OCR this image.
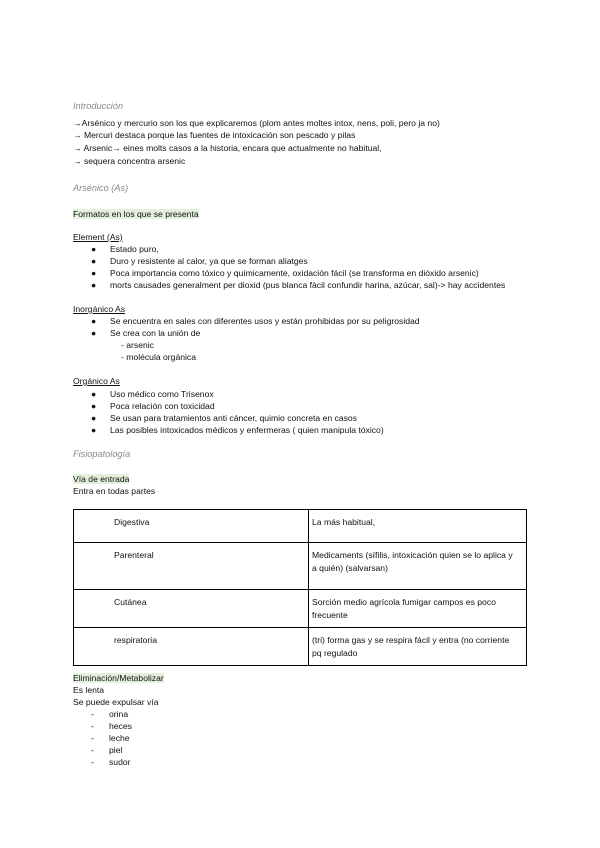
Introducción
→Arsénico y mercurio son los que explicaremos (plom antes moltes intox, nens, poli, pero ja no)
→ Mercuri destaca porque las fuentes de intoxicación son pescado y pilas
→ Arsenic→ eines molts casos a la historia, encara que actualmente no habitual,
→ sequera concentra arsenic
Arsénico (As)
Formatos en los que se presenta
Element (As)
● Estado puro,
● Duro y resistente al calor, ya que se forman aliatges
● Poca importancia como tóxico y químicamente, oxidación fácil (se transforma en dióxido arsenic)
● morts causades generalment per dioxid (pus blanca fàcil confundir harina, azúcar, sal)-> hay accidentes
Inorgánico As
● Se encuentra en sales con diferentes usos y están prohibidas por su peligrosidad
● Se crea con la unión de
- arsenic
- molécula orgánica
Orgánico As
● Uso médico como Trisenox
● Poca relación con toxicidad
● Se usan para tratamientos anti cáncer, quimio concreta en casos
● Las posibles intoxicados médicos y enfermeras ( quien manipula tóxico)
Fisiopatología
Vía de entrada
Entra en todas partes
Digestiva	La más habitual,

Parenteral	Medicaments (sífilis, intoxicación quien se lo aplica y
a quién) (salvarsan)

Cutánea	Sorción medio agrícola fumigar campos es poco
frecuente

respiratoria	(tri) forma gas y se respira fácil y entra (no corriente
pq regulado
Eliminación/Metabolizar
Es lenta
Se puede expulsar vía
- orina
- heces
- leche
- piel
- sudor
